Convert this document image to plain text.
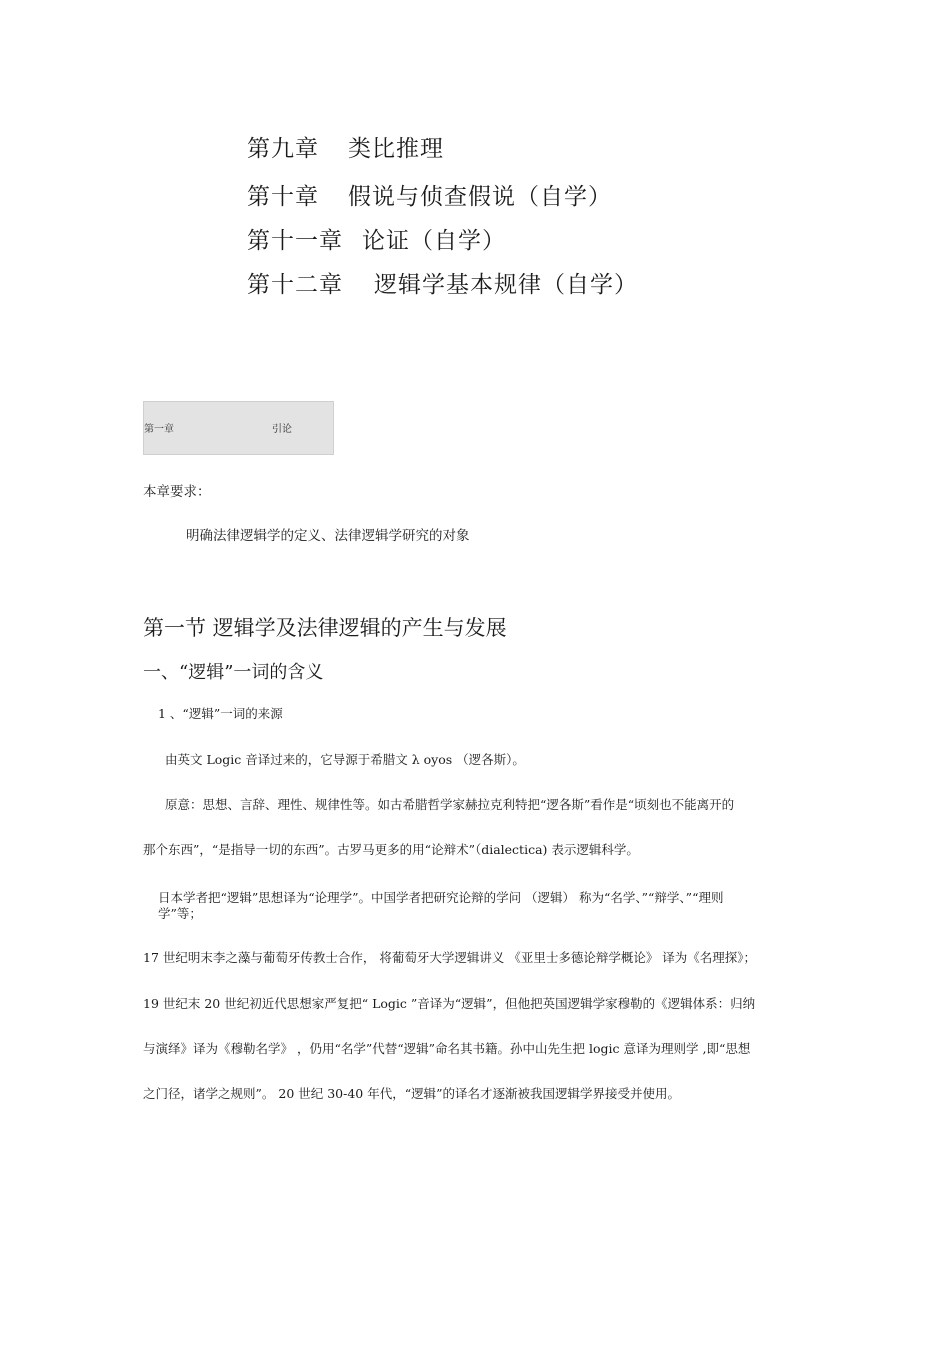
第九章 类比推理
第十章 假说与侦查假说（自学）
第十一章 论证（自学）
第十二章 逻辑学基本规律（自学）
第一章	引论
本章要求：
明确法律逻辑学的定义、法律逻辑学研究的对象
第一节 逻辑学及法律逻辑的产生与发展
一、“逻辑”一词的含义
1 、“逻辑”一词的来源
由英文 Logic 音译过来的，它导源于希腊文 λ oyos （逻各斯）。
原意：思想、言辞、理性、规律性等。如古希腊哲学家赫拉克利特把“逻各斯”看作是“顷刻也不能离开的
那个东西”，“是指导一切的东西”。古罗马更多的用“论辩术”（dialectica) 表示逻辑科学。
日本学者把“逻辑”思想译为“论理学”。中国学者把研究论辩的学问 （逻辑） 称为“名学、”“辩学、”“理则
学”等；
17 世纪明末李之藻与葡萄牙传教士合作， 将葡萄牙大学逻辑讲义 《亚里士多德论辩学概论》 译为《名理探》；
19 世纪末 20 世纪初近代思想家严复把“ Logic ”音译为“逻辑”，但他把英国逻辑学家穆勒的《逻辑体系：归纳
与演绎》译为《穆勒名学》 ，仍用“名学”代替“逻辑”命名其书籍。孙中山先生把 logic 意译为理则学 ,即“思想
之门径，诸学之规则”。 20 世纪 30-40 年代，“逻辑”的译名才逐渐被我国逻辑学界接受并使用。
